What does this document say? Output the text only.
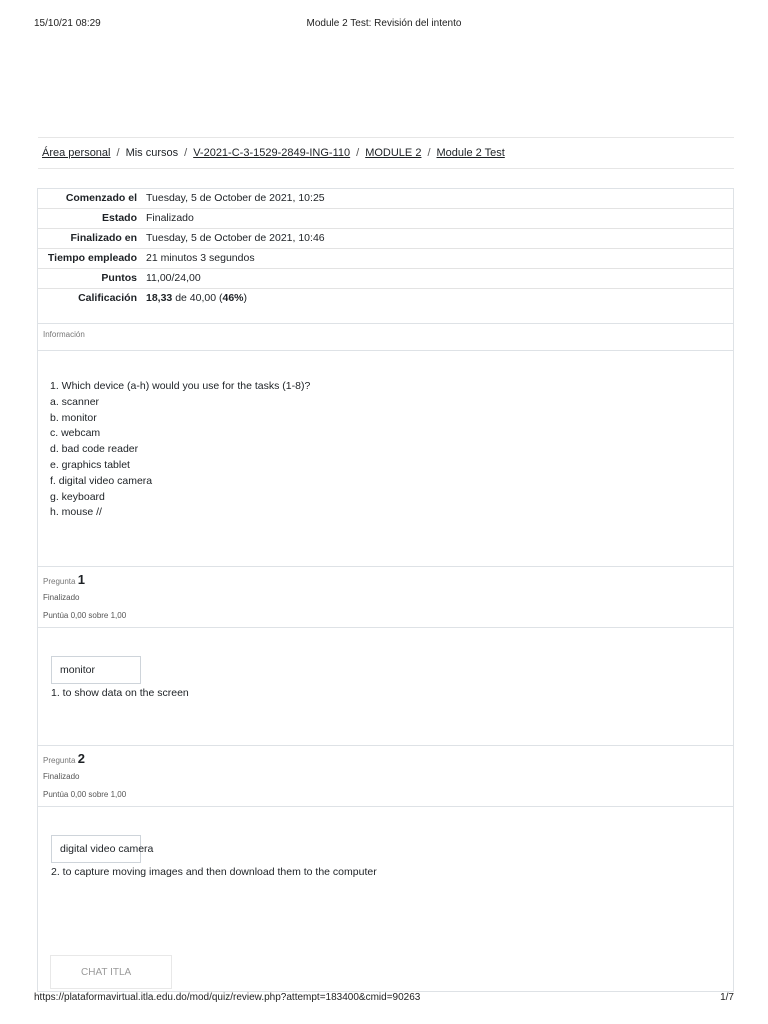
15/10/21 08:29	Module 2 Test: Revisión del intento
Área personal / Mis cursos / V-2021-C-3-1529-2849-ING-110 / MODULE 2 / Module 2 Test
Comenzado el	Tuesday, 5 de October de 2021, 10:25
Estado	Finalizado
Finalizado en	Tuesday, 5 de October de 2021, 10:46
Tiempo empleado	21 minutos 3 segundos
Puntos	11,00/24,00
Calificación	18,33 de 40,00 (46%)
Información
1. Which device (a-h) would you use for the tasks (1-8)?
a. scanner
b. monitor
c. webcam
d. bad code reader
e. graphics tablet
f. digital video camera
g. keyboard
h. mouse //
Pregunta 1
Finalizado
Puntúa 0,00 sobre 1,00
monitor
1. to show data on the screen
Pregunta 2
Finalizado
Puntúa 0,00 sobre 1,00
digital video camera
2. to capture moving images and then download them to the computer
CHAT ITLA
https://plataformavirtual.itla.edu.do/mod/quiz/review.php?attempt=183400&cmid=90263	1/7
